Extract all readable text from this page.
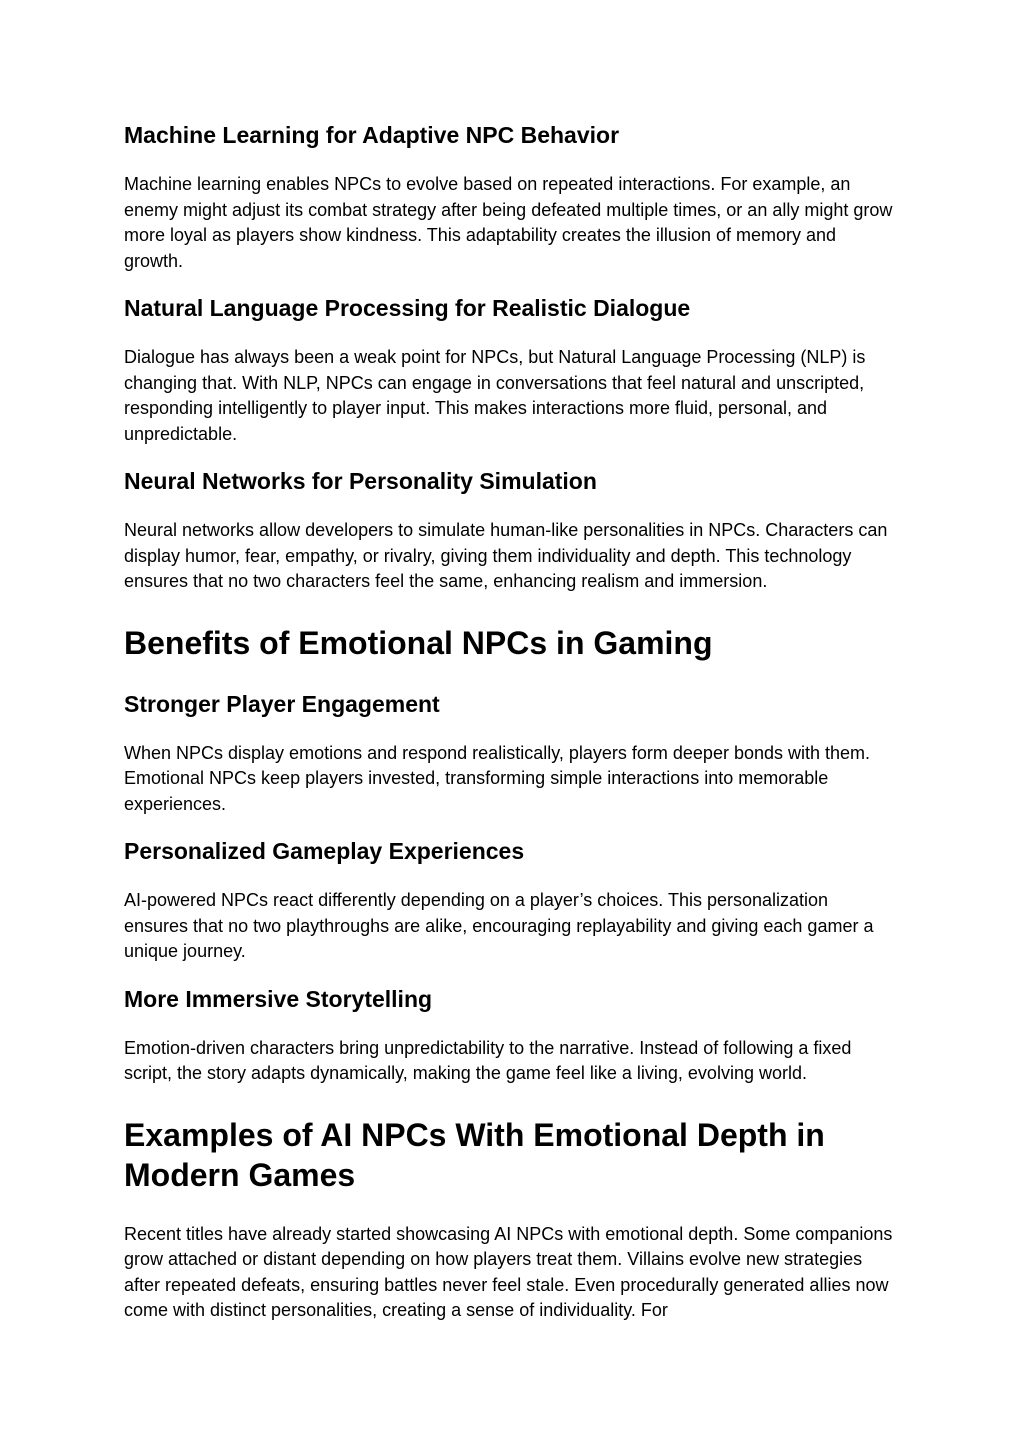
Machine Learning for Adaptive NPC Behavior

Machine learning enables NPCs to evolve based on repeated interactions. For example, an enemy might adjust its combat strategy after being defeated multiple times, or an ally might grow more loyal as players show kindness. This adaptability creates the illusion of memory and growth.

Natural Language Processing for Realistic Dialogue

Dialogue has always been a weak point for NPCs, but Natural Language Processing (NLP) is changing that. With NLP, NPCs can engage in conversations that feel natural and unscripted, responding intelligently to player input. This makes interactions more fluid, personal, and unpredictable.

Neural Networks for Personality Simulation

Neural networks allow developers to simulate human-like personalities in NPCs. Characters can display humor, fear, empathy, or rivalry, giving them individuality and depth. This technology ensures that no two characters feel the same, enhancing realism and immersion.

Benefits of Emotional NPCs in Gaming
Stronger Player Engagement

When NPCs display emotions and respond realistically, players form deeper bonds with them. Emotional NPCs keep players invested, transforming simple interactions into memorable experiences.

Personalized Gameplay Experiences

AI-powered NPCs react differently depending on a player’s choices. This personalization ensures that no two playthroughs are alike, encouraging replayability and giving each gamer a unique journey.

More Immersive Storytelling

Emotion-driven characters bring unpredictability to the narrative. Instead of following a fixed script, the story adapts dynamically, making the game feel like a living, evolving world.

Examples of AI NPCs With Emotional Depth in Modern Games

Recent titles have already started showcasing AI NPCs with emotional depth. Some companions grow attached or distant depending on how players treat them. Villains evolve new strategies after repeated defeats, ensuring battles never feel stale. Even procedurally generated allies now come with distinct personalities, creating a sense of individuality. For
